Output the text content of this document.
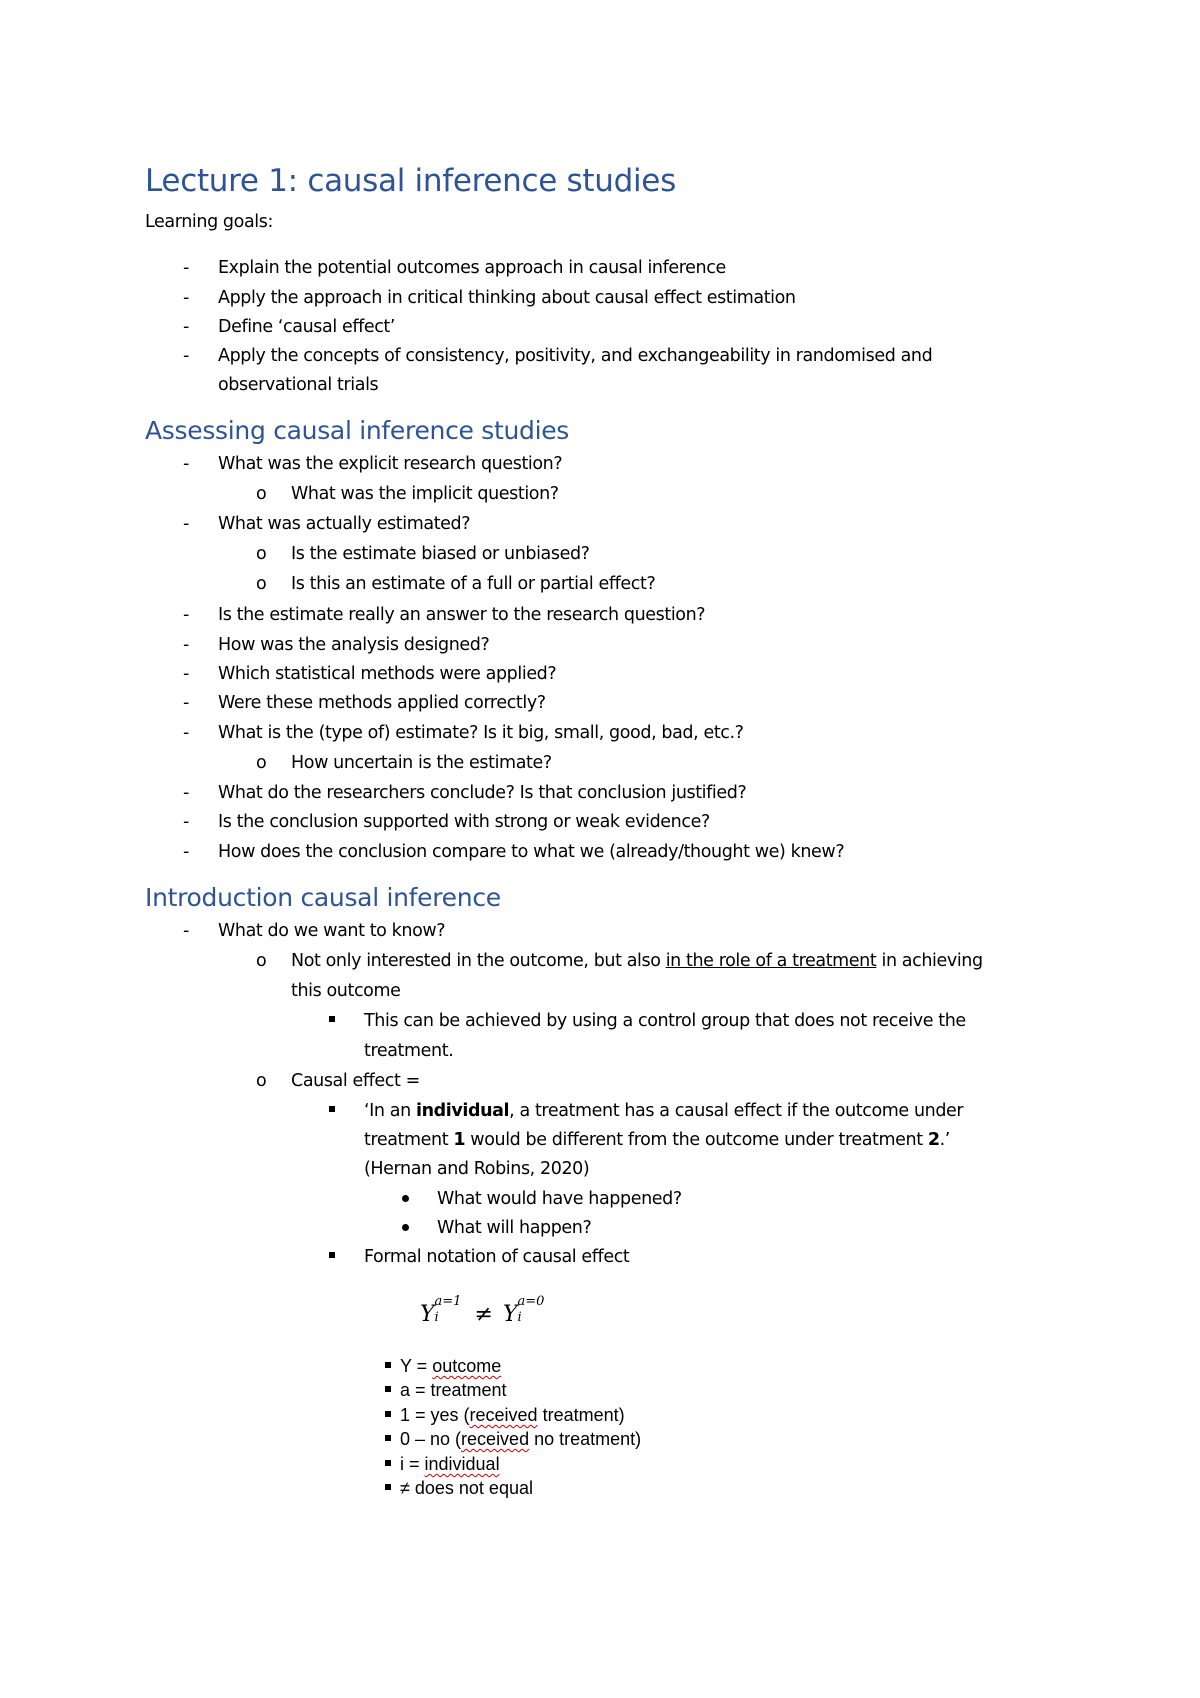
Lecture 1: causal inference studies
Learning goals:
- Explain the potential outcomes approach in causal inference
- Apply the approach in critical thinking about causal effect estimation
- Define ‘causal effect’
- Apply the concepts of consistency, positivity, and exchangeability in randomised and
observational trials
Assessing causal inference studies
- What was the explicit research question?
o What was the implicit question?
- What was actually estimated?
o Is the estimate biased or unbiased?
o Is this an estimate of a full or partial effect?
- Is the estimate really an answer to the research question?
- How was the analysis designed?
- Which statistical methods were applied?
- Were these methods applied correctly?
- What is the (type of) estimate? Is it big, small, good, bad, etc.?
o How uncertain is the estimate?
- What do the researchers conclude? Is that conclusion justified?
- Is the conclusion supported with strong or weak evidence?
- How does the conclusion compare to what we (already/thought we) knew?
Introduction causal inference
- What do we want to know?
o Not only interested in the outcome, but also in the role of a treatment in achieving
this outcome
This can be achieved by using a control group that does not receive the
treatment.
o Causal effect =
‘In an individual, a treatment has a causal effect if the outcome under
treatment 1 would be different from the outcome under treatment 2.’
(Hernan and Robins, 2020)
What would have happened?
What will happen?
Formal notation of causal effect
Y
a=1
i ≠ Y
a=0
i
Y = outcome
a = treatment
1 = yes (received treatment)
0 – no (received no treatment)
i = individual
≠ does not equal
